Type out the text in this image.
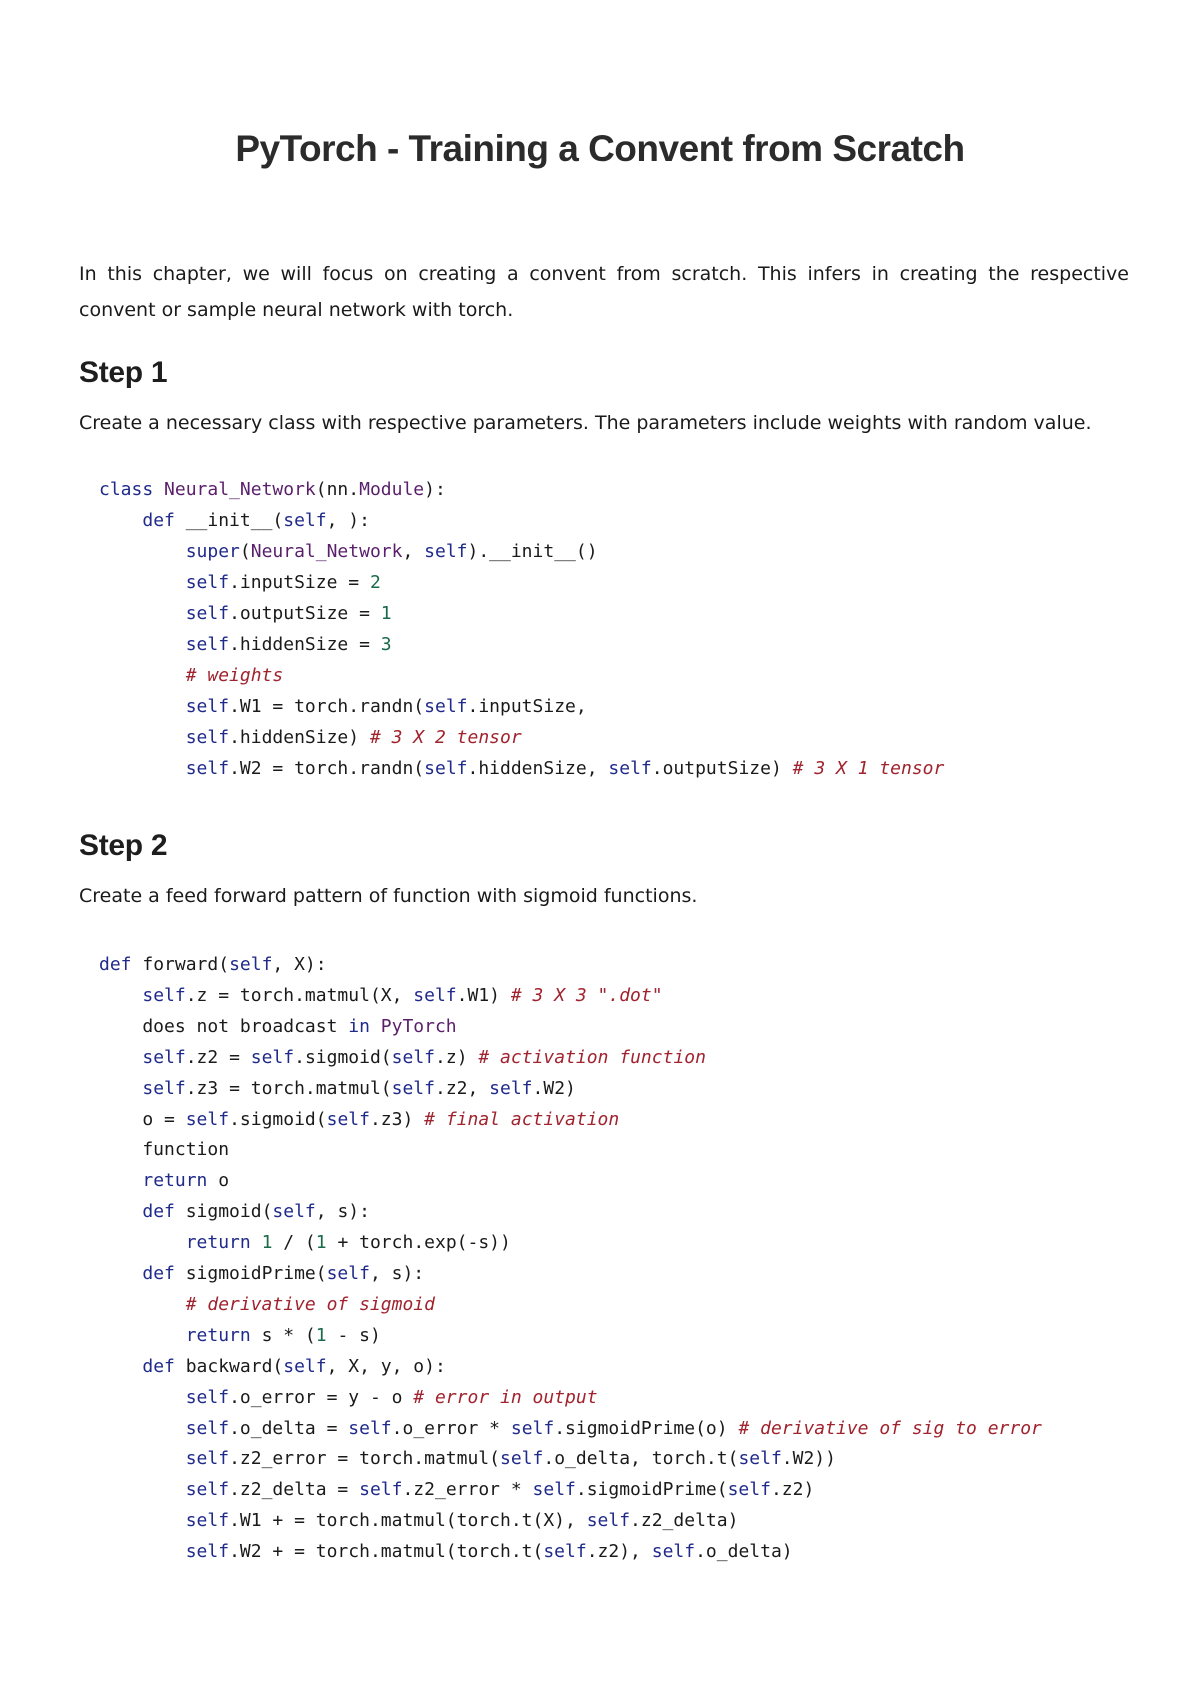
PyTorch - Training a Convent from Scratch

In this chapter, we will focus on creating a convent from scratch. This infers in creating the respective convent or sample neural network with torch.

Step 1

Create a necessary class with respective parameters. The parameters include weights with random value.

class Neural_Network(nn.Module):
def __init__(self, ):
super(Neural_Network, self).__init__()
self.inputSize = 2
self.outputSize = 1
self.hiddenSize = 3
# weights
self.W1 = torch.randn(self.inputSize,
self.hiddenSize) # 3 X 2 tensor
self.W2 = torch.randn(self.hiddenSize, self.outputSize) # 3 X 1 tensor
Step 2

Create a feed forward pattern of function with sigmoid functions.

def forward(self, X):
self.z = torch.matmul(X, self.W1) # 3 X 3 ".dot"
does not broadcast in PyTorch
self.z2 = self.sigmoid(self.z) # activation function
self.z3 = torch.matmul(self.z2, self.W2)
o = self.sigmoid(self.z3) # final activation
function
return o
def sigmoid(self, s):
return 1 / (1 + torch.exp(-s))
def sigmoidPrime(self, s):
# derivative of sigmoid
return s * (1 - s)
def backward(self, X, y, o):
self.o_error = y - o # error in output
self.o_delta = self.o_error * self.sigmoidPrime(o) # derivative of sig to error
self.z2_error = torch.matmul(self.o_delta, torch.t(self.W2))
self.z2_delta = self.z2_error * self.sigmoidPrime(self.z2)
self.W1 + = torch.matmul(torch.t(X), self.z2_delta)
self.W2 + = torch.matmul(torch.t(self.z2), self.o_delta)
